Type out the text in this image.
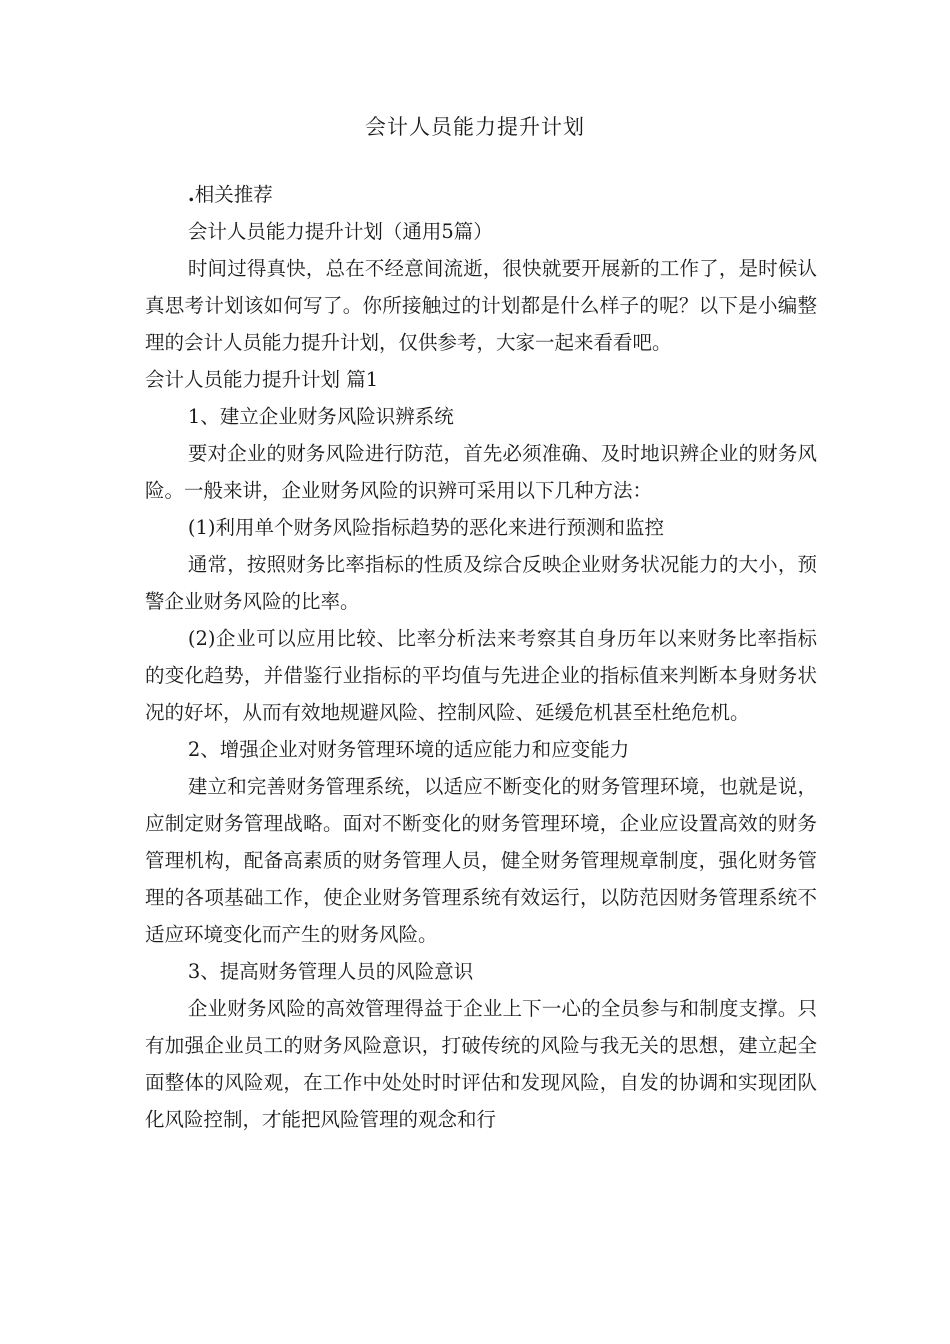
会计人员能力提升计划

.相关推荐

会计人员能力提升计划（通用5篇）

时间过得真快，总在不经意间流逝，很快就要开展新的工作了，是时候认真思考计划该如何写了。你所接触过的计划都是什么样子的呢？以下是小编整理的会计人员能力提升计划，仅供参考，大家一起来看看吧。

会计人员能力提升计划 篇1

1、建立企业财务风险识辨系统

要对企业的财务风险进行防范，首先必须准确、及时地识辨企业的财务风险。一般来讲，企业财务风险的识辨可采用以下几种方法：

(1)利用单个财务风险指标趋势的恶化来进行预测和监控

通常，按照财务比率指标的性质及综合反映企业财务状况能力的大小，预警企业财务风险的比率。

(2)企业可以应用比较、比率分析法来考察其自身历年以来财务比率指标的变化趋势，并借鉴行业指标的平均值与先进企业的指标值来判断本身财务状况的好坏，从而有效地规避风险、控制风险、延缓危机甚至杜绝危机。

2、增强企业对财务管理环境的适应能力和应变能力

建立和完善财务管理系统，以适应不断变化的财务管理环境，也就是说，应制定财务管理战略。面对不断变化的财务管理环境，企业应设置高效的财务管理机构，配备高素质的财务管理人员，健全财务管理规章制度，强化财务管理的各项基础工作，使企业财务管理系统有效运行，以防范因财务管理系统不适应环境变化而产生的财务风险。

3、提高财务管理人员的风险意识

企业财务风险的高效管理得益于企业上下一心的全员参与和制度支撑。只有加强企业员工的财务风险意识，打破传统的风险与我无关的思想，建立起全面整体的风险观，在工作中处处时时评估和发现风险，自发的协调和实现团队化风险控制，才能把风险管理的观念和行
